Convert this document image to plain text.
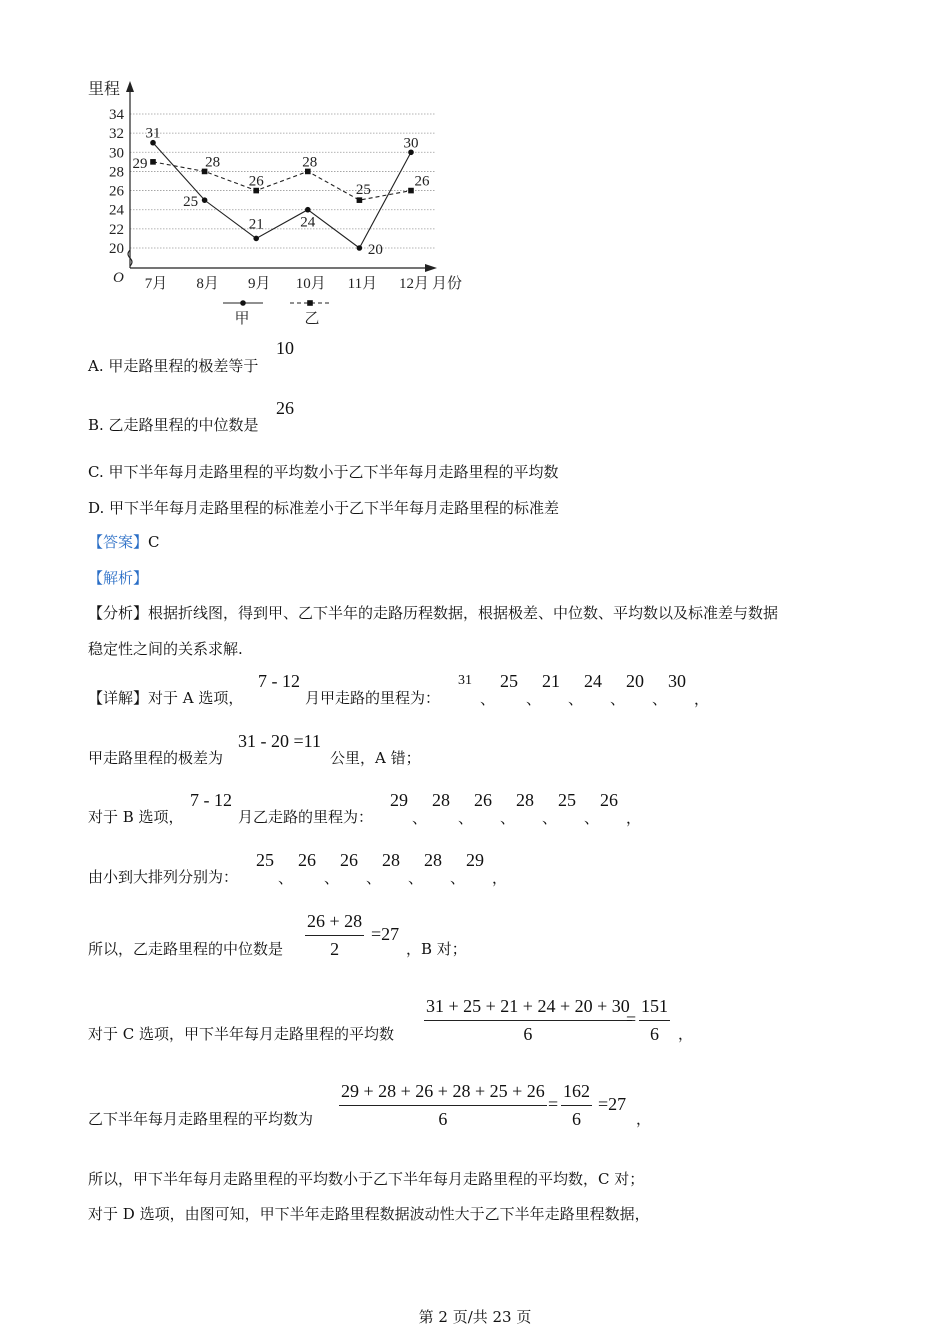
20
22
24
26
28
30
32
34
里程
O	月份
7月 8月 9月 10月 11月 12月
31
25
21 24
20
30
29	28
26
28
25
26
甲	乙
A. 甲走路里程的极差等于
10
B. 乙走路里程的中位数是
26
C. 甲下半年每月走路里程的平均数小于乙下半年每月走路里程的平均数
D. 甲下半年每月走路里程的标准差小于乙下半年每月走路里程的标准差
【答案】C
【解析】
【分析】根据折线图，得到甲、乙下半年的走路历程数据，根据极差、中位数、平均数以及标准差与数据
稳定性之间的关系求解.
【详解】对于 A 选项，
7 - 12
月甲走路的里程为：
31
、
25
、
21
、
24
、
20
、
30
，
甲走路里程的极差为
31 - 20 =11
公里，A 错；
对于 B 选项，
7 - 12
月乙走路的里程为：
29
、
28
、
26
、
28
、
25
、
26
，
由小到大排列分别为：
25
、
26
、
26
、
28
、
28
、
29
，
所以，乙走路里程的中位数是 $\frac{26 + 28}{2} =27$
，B 对；
对于 C 选项，甲下半年每月走路里程的平均数 $\frac{31 + 25 + 21 + 24 + 20 + 30}{6}$
= $\frac{151}{6}$ ，
乙下半年每月走路里程的平均数为 $\frac{29 + 28 + 26 + 28 + 25 + 26}{6} = \frac{162}{6} =27$
，
所以，甲下半年每月走路里程的平均数小于乙下半年每月走路里程的平均数，C 对；
对于 D 选项，由图可知，甲下半年走路里程数据波动性大于乙下半年走路里程数据，
第 2 页/共 23 页
